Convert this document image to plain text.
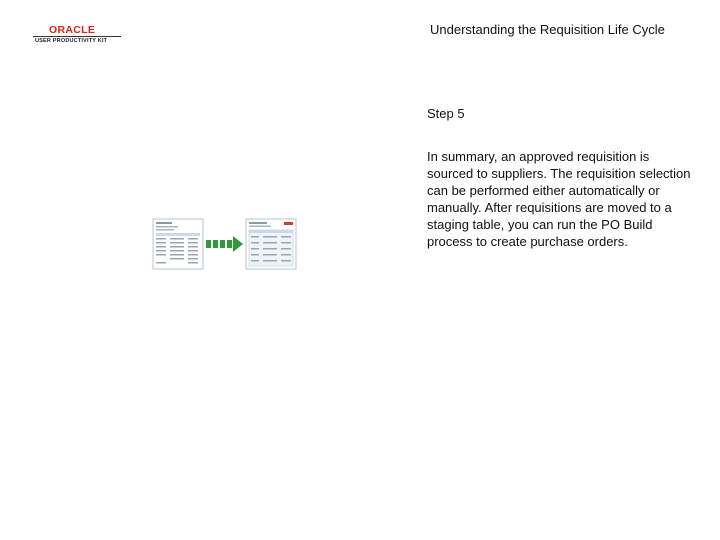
ORACLE
USER PRODUCTIVITY KIT
Understanding the Requisition Life Cycle
Step 5
In summary, an approved requisition is sourced to suppliers. The requisition selection can be performed either automatically or manually. After requisitions are moved to a staging table, you can run the PO Build process to create purchase orders.
